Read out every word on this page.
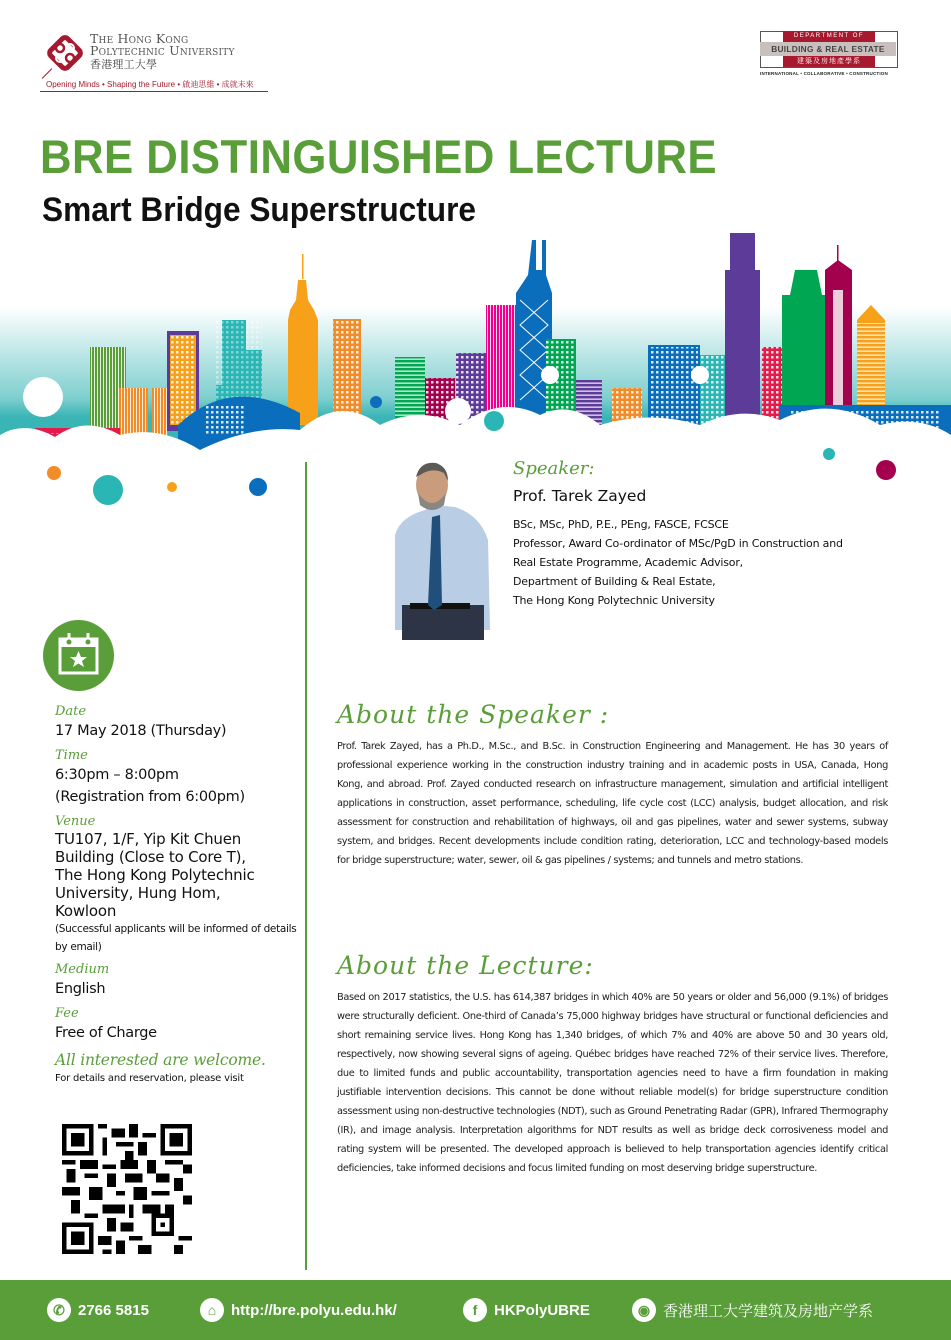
The Hong Kong
Polytechnic University
香港理工大學
Opening Minds • Shaping the Future • 啟迪思維 • 成就未來
DEPARTMENT OF
BUILDING & REAL ESTATE
建築及房地產學系
INTERNATIONAL • COLLABORATIVE • CONSTRUCTION
BRE DISTINGUISHED LECTURE
Smart Bridge Superstructure
Speaker:
Prof. Tarek Zayed
BSc, MSc, PhD, P.E., PEng, FASCE, FCSCE
Professor, Award Co-ordinator of MSc/PgD in Construction and
Real Estate Programme, Academic Advisor,
Department of Building & Real Estate,
The Hong Kong Polytechnic University
Date
17 May 2018 (Thursday)
Time
6:30pm – 8:00pm
(Registration from 6:00pm)
Venue
TU107, 1/F, Yip Kit Chuen
Building (Close to Core T),
The Hong Kong Polytechnic
University, Hung Hom,
Kowloon
(Successful applicants will be informed of details by email)
Medium
English
Fee
Free of Charge
All interested are welcome.
For details and reservation, please visit
About the Speaker :

Prof. Tarek Zayed, has a Ph.D., M.Sc., and B.Sc. in Construction Engineering and Management. He has 30 years of professional experience working in the construction industry training and in academic posts in USA, Canada, Hong Kong, and abroad. Prof. Zayed conducted research on infrastructure management, simulation and artificial intelligent applications in construction, asset performance, scheduling, life cycle cost (LCC) analysis, budget allocation, and risk assessment for construction and rehabilitation of highways, oil and gas pipelines, water and sewer systems, subway system, and bridges. Recent developments include condition rating, deterioration, LCC and technology-based models for bridge superstructure; water, sewer, oil & gas pipelines / systems; and tunnels and metro stations.

About the Lecture:

Based on 2017 statistics, the U.S. has 614,387 bridges in which 40% are 50 years or older and 56,000 (9.1%) of bridges were structurally deficient. One-third of Canada’s 75,000 highway bridges have structural or functional deficiencies and short remaining service lives. Hong Kong has 1,340 bridges, of which 7% and 40% are above 50 and 30 years old, respectively, now showing several signs of ageing. Québec bridges have reached 72% of their service lives. Therefore, due to limited funds and public accountability, transportation agencies need to have a firm foundation in making justifiable intervention decisions. This cannot be done without reliable model(s) for bridge superstructure condition assessment using non-destructive technologies (NDT), such as Ground Penetrating Radar (GPR), Infrared Thermography (IR), and image analysis. Interpretation algorithms for NDT results as well as bridge deck corrosiveness model and rating system will be presented. The developed approach is believed to help transportation agencies identify critical deficiencies, take informed decisions and focus limited funding on most deserving bridge superstructure.

✆ 2766 5815	⌂ http://bre.polyu.edu.hk/	f	HKPolyUBRE	◉ 香港理工大学建筑及房地产学系
